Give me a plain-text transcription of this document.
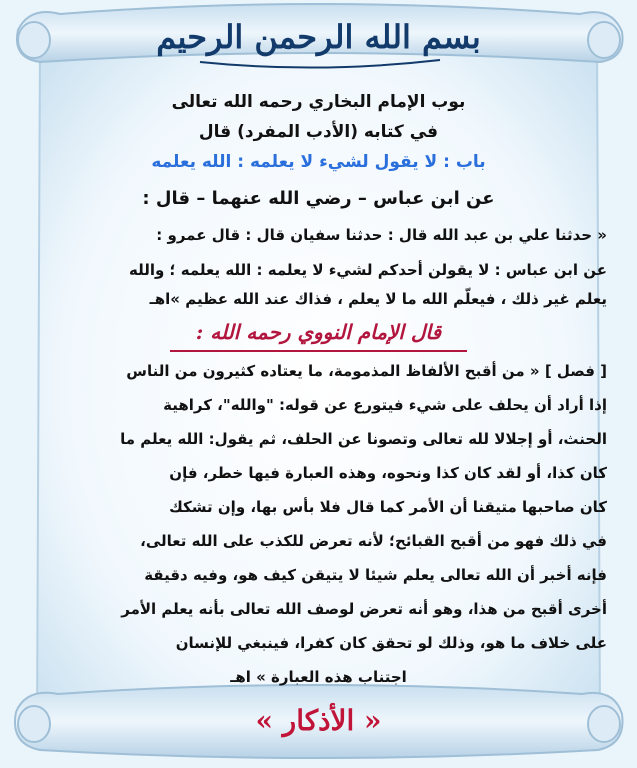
بسم الله الرحمن الرحيم
بوب الإمام البخاري رحمه الله تعالى
في كتابه (الأدب المفرد) قال
باب : لا يقول لشيء لا يعلمه : الله يعلمه
عن ابن عباس – رضي الله عنهما – قال :
« حدثنا علي بن عبد الله قال : حدثنا سفيان قال : قال عمرو :
عن ابن عباس : لا يقولن أحدكم لشيء لا يعلمه : الله يعلمه ؛ والله
يعلم غير ذلك ، فيعلّم الله ما لا يعلم ، فذاك عند الله عظيم »اهـ
قال الإمام النووي رحمه الله :
[ فصل ] « من أقبح الألفاظ المذمومة، ما يعتاده كثيرون من الناس
إذا أراد أن يحلف على شيء فيتورع عن قوله: "والله"، كراهية
الحنث، أو إجلالا لله تعالى وتصونا عن الحلف، ثم يقول: الله يعلم ما
كان كذا، أو لقد كان كذا ونحوه، وهذه العبارة فيها خطر، فإن
كان صاحبها متيقنا أن الأمر كما قال فلا بأس بها، وإن تشكك
في ذلك فهو من أقبح القبائح؛ لأنه تعرض للكذب على الله تعالى،
فإنه أخبر أن الله تعالى يعلم شيئا لا يتيقن كيف هو، وفيه دقيقة
أخرى أقبح من هذا، وهو أنه تعرض لوصف الله تعالى بأنه يعلم الأمر
على خلاف ما هو، وذلك لو تحقق كان كفرا، فينبغي للإنسان
اجتناب هذه العبارة » اهـ
« الأذكار »
